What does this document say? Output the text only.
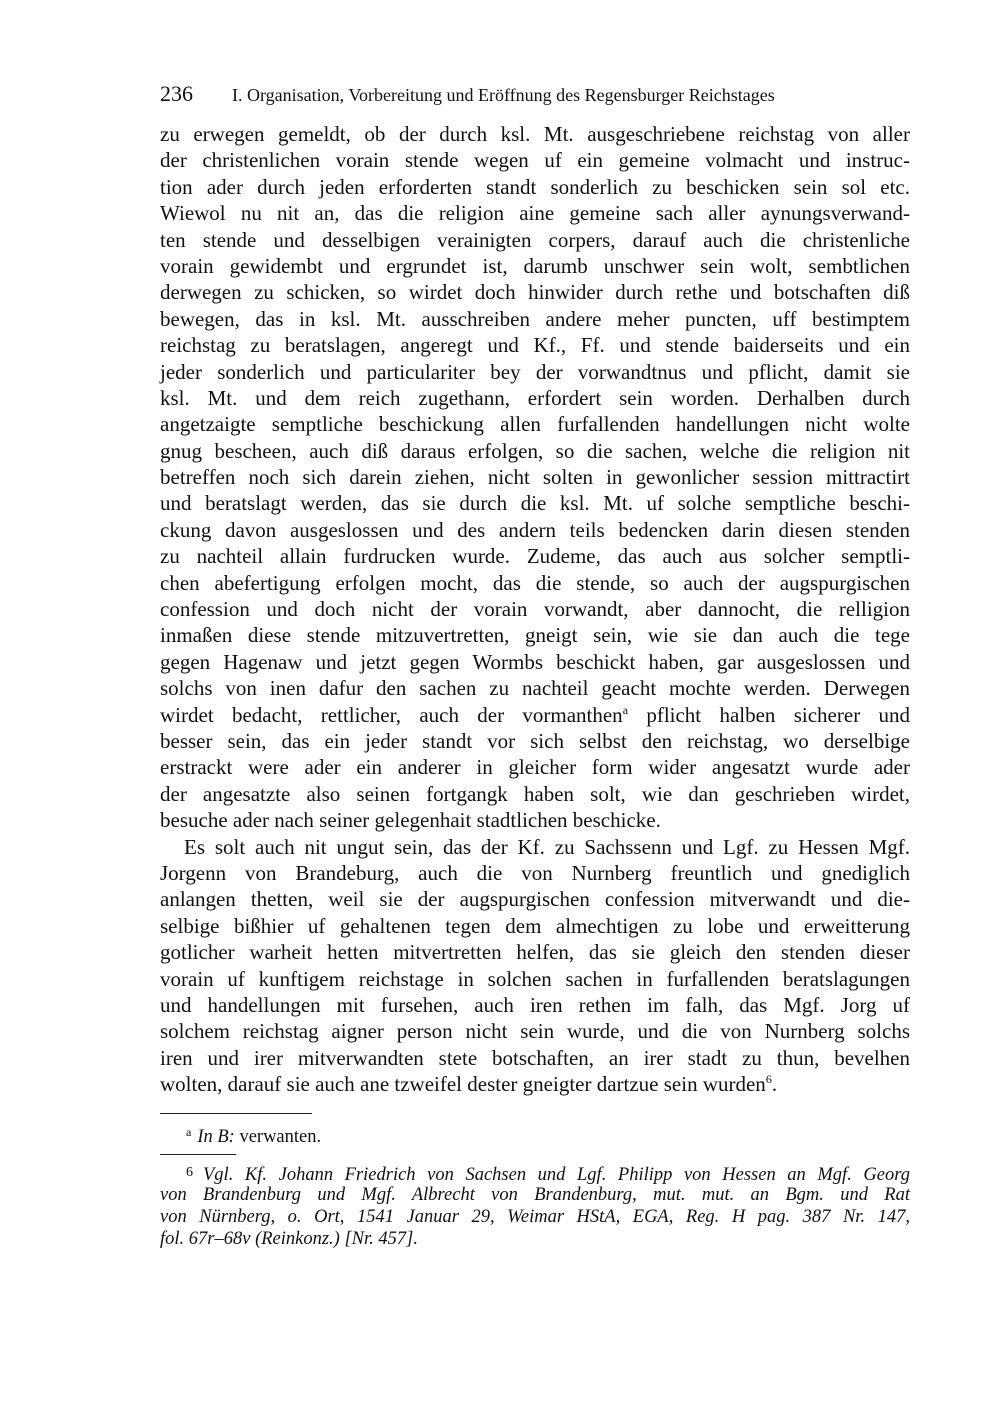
236 I. Organisation, Vorbereitung und Eröffnung des Regensburger Reichstages
zu erwegen gemeldt, ob der durch ksl. Mt. ausgeschriebene reichstag von aller
der christenlichen vorain stende wegen uf ein gemeine volmacht und instruc-
tion ader durch jeden erforderten standt sonderlich zu beschicken sein sol etc.
Wiewol nu nit an, das die religion aine gemeine sach aller aynungsverwand-
ten stende und desselbigen verainigten corpers, darauf auch die christenliche
vorain gewidembt und ergrundet ist, darumb unschwer sein wolt, sembtlichen
derwegen zu schicken, so wirdet doch hinwider durch rethe und botschaften diß
bewegen, das in ksl. Mt. ausschreiben andere meher puncten, uff bestimptem
reichstag zu beratslagen, angeregt und Kf., Ff. und stende baiderseits und ein
jeder sonderlich und particulariter bey der vorwandtnus und pflicht, damit sie
ksl. Mt. und dem reich zugethann, erfordert sein worden. Derhalben durch
angetzaigte semptliche beschickung allen furfallenden handellungen nicht wolte
gnug bescheen, auch diß daraus erfolgen, so die sachen, welche die religion nit
betreffen noch sich darein ziehen, nicht solten in gewonlicher session mittractirt
und beratslagt werden, das sie durch die ksl. Mt. uf solche semptliche beschi-
ckung davon ausgeslossen und des andern teils bedencken darin diesen stenden
zu nachteil allain furdrucken wurde. Zudeme, das auch aus solcher semptli-
chen abefertigung erfolgen mocht, das die stende, so auch der augspurgischen
confession und doch nicht der vorain vorwandt, aber dannocht, die relligion
inmaßen diese stende mitzuvertretten, gneigt sein, wie sie dan auch die tege
gegen Hagenaw und jetzt gegen Wormbs beschickt haben, gar ausgeslossen und
solchs von inen dafur den sachen zu nachteil geacht mochte werden. Derwegen
wirdet bedacht, rettlicher, auch der vormanthen$^a$ pflicht halben sicherer und
besser sein, das ein jeder standt vor sich selbst den reichstag, wo derselbige
erstrackt were ader ein anderer in gleicher form wider angesatzt wurde ader
der angesatzte also seinen fortgangk haben solt, wie dan geschrieben wirdet,
besuche ader nach seiner gelegenhait stadtlichen beschicke.
Es solt auch nit ungut sein, das der Kf. zu Sachssenn und Lgf. zu Hessen Mgf.
Jorgenn von Brandeburg, auch die von Nurnberg freuntlich und gnediglich
anlangen thetten, weil sie der augspurgischen confession mitverwandt und die-
selbige bißhier uf gehaltenen tegen dem almechtigen zu lobe und erweitterung
gotlicher warheit hetten mitvertretten helfen, das sie gleich den stenden dieser
vorain uf kunftigem reichstage in solchen sachen in furfallenden beratslagungen
und handellungen mit fursehen, auch iren rethen im falh, das Mgf. Jorg uf
solchem reichstag aigner person nicht sein wurde, und die von Nurnberg solchs
iren und irer mitverwandten stete botschaften, an irer stadt zu thun, bevelhen
wolten, darauf sie auch ane tzweifel dester gneigter dartzue sein wurden$^6$.
$^a$ In B: verwanten.
$^6$ Vgl. Kf. Johann Friedrich von Sachsen und Lgf. Philipp von Hessen an Mgf. Georg
von Brandenburg und Mgf. Albrecht von Brandenburg, mut. mut. an Bgm. und Rat
von Nürnberg, o. Ort, 1541 Januar 29, Weimar HStA, EGA, Reg. H pag. 387 Nr. 147,
fol. 67r–68v (Reinkonz.) [Nr. 457].
